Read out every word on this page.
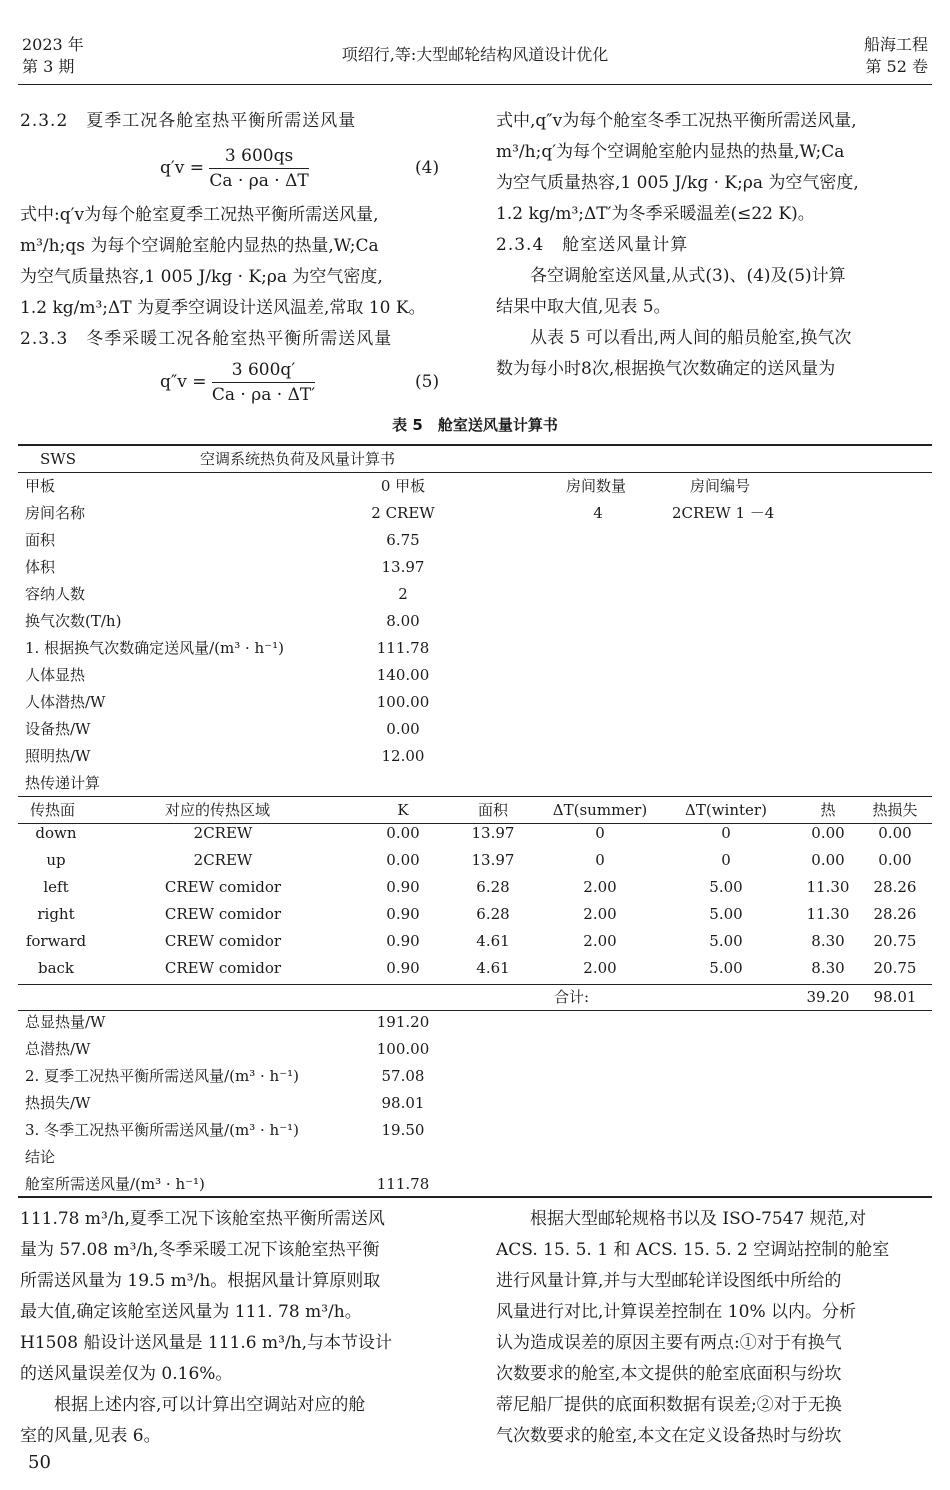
2023 年
第 3 期
项绍行,等:大型邮轮结构风道设计优化
船海工程
第 52 卷

2.3.2　夏季工况各舱室热平衡所需送风量

$q'v = \frac{3 600qs}{Ca \cdot \rho a \cdot \Delta T}$	(4)

式中:q′v为每个舱室夏季工况热平衡所需送风量,

m³/h;qs 为每个空调舱室舱内显热的热量,W;Ca

为空气质量热容,1 005 J/kg · K;ρa 为空气密度,

1.2 kg/m³;ΔT 为夏季空调设计送风温差,常取 10 K。

2.3.3　冬季采暖工况各舱室热平衡所需送风量

$q''v = \frac{3 600q'}{Ca \cdot \rho a \cdot \Delta T'}$	(5)

式中,q″v为每个舱室冬季工况热平衡所需送风量,

m³/h;q′为每个空调舱室舱内显热的热量,W;Ca

为空气质量热容,1 005 J/kg · K;ρa 为空气密度,

1.2 kg/m³;ΔT′为冬季采暖温差(≤22 K)。

2.3.4　舱室送风量计算

各空调舱室送风量,从式(3)、(4)及(5)计算

结果中取大值,见表 5。

从表 5 可以看出,两人间的船员舱室,换气次

数为每小时8次,根据换气次数确定的送风量为

表 5　舱室送风量计算书
SWS	空调系统热负荷及风量计算书
甲板	0 甲板	房间数量	房间编号
房间名称	2 CREW	4	2CREW 1 －4
面积	6.75
体积	13.97
容纳人数	2
换气次数(T/h)	8.00
1. 根据换气次数确定送风量/(m³ · h⁻¹)	111.78
人体显热	140.00
人体潜热/W	100.00
设备热/W	0.00
照明热/W	12.00
热传递计算
传热面	对应的传热区域	K	面积	ΔT(summer)	ΔT(winter)	热	热损失
down	2CREW	0.00	13.97	0	0	0.00	0.00
up	2CREW	0.00	13.97	0	0	0.00	0.00
left	CREW comidor	0.90	6.28	2.00	5.00	11.30	28.26
right	CREW comidor	0.90	6.28	2.00	5.00	11.30	28.26
forward	CREW comidor	0.90	4.61	2.00	5.00	8.30	20.75
back	CREW comidor	0.90	4.61	2.00	5.00	8.30	20.75
合计:	39.20	98.01
总显热量/W	191.20
总潜热/W	100.00
2. 夏季工况热平衡所需送风量/(m³ · h⁻¹)	57.08
热损失/W	98.01
3. 冬季工况热平衡所需送风量/(m³ · h⁻¹)	19.50
结论
舱室所需送风量/(m³ · h⁻¹)	111.78

111.78 m³/h,夏季工况下该舱室热平衡所需送风

量为 57.08 m³/h,冬季采暖工况下该舱室热平衡

所需送风量为 19.5 m³/h。根据风量计算原则取

最大值,确定该舱室送风量为 111. 78 m³/h。

H1508 船设计送风量是 111.6 m³/h,与本节设计

的送风量误差仅为 0.16%。

根据上述内容,可以计算出空调站对应的舱

室的风量,见表 6。

根据大型邮轮规格书以及 ISO-7547 规范,对

ACS. 15. 5. 1 和 ACS. 15. 5. 2 空调站控制的舱室

进行风量计算,并与大型邮轮详设图纸中所给的

风量进行对比,计算误差控制在 10% 以内。分析

认为造成误差的原因主要有两点:①对于有换气

次数要求的舱室,本文提供的舱室底面积与纷坎

蒂尼船厂提供的底面积数据有误差;②对于无换

气次数要求的舱室,本文在定义设备热时与纷坎

50
